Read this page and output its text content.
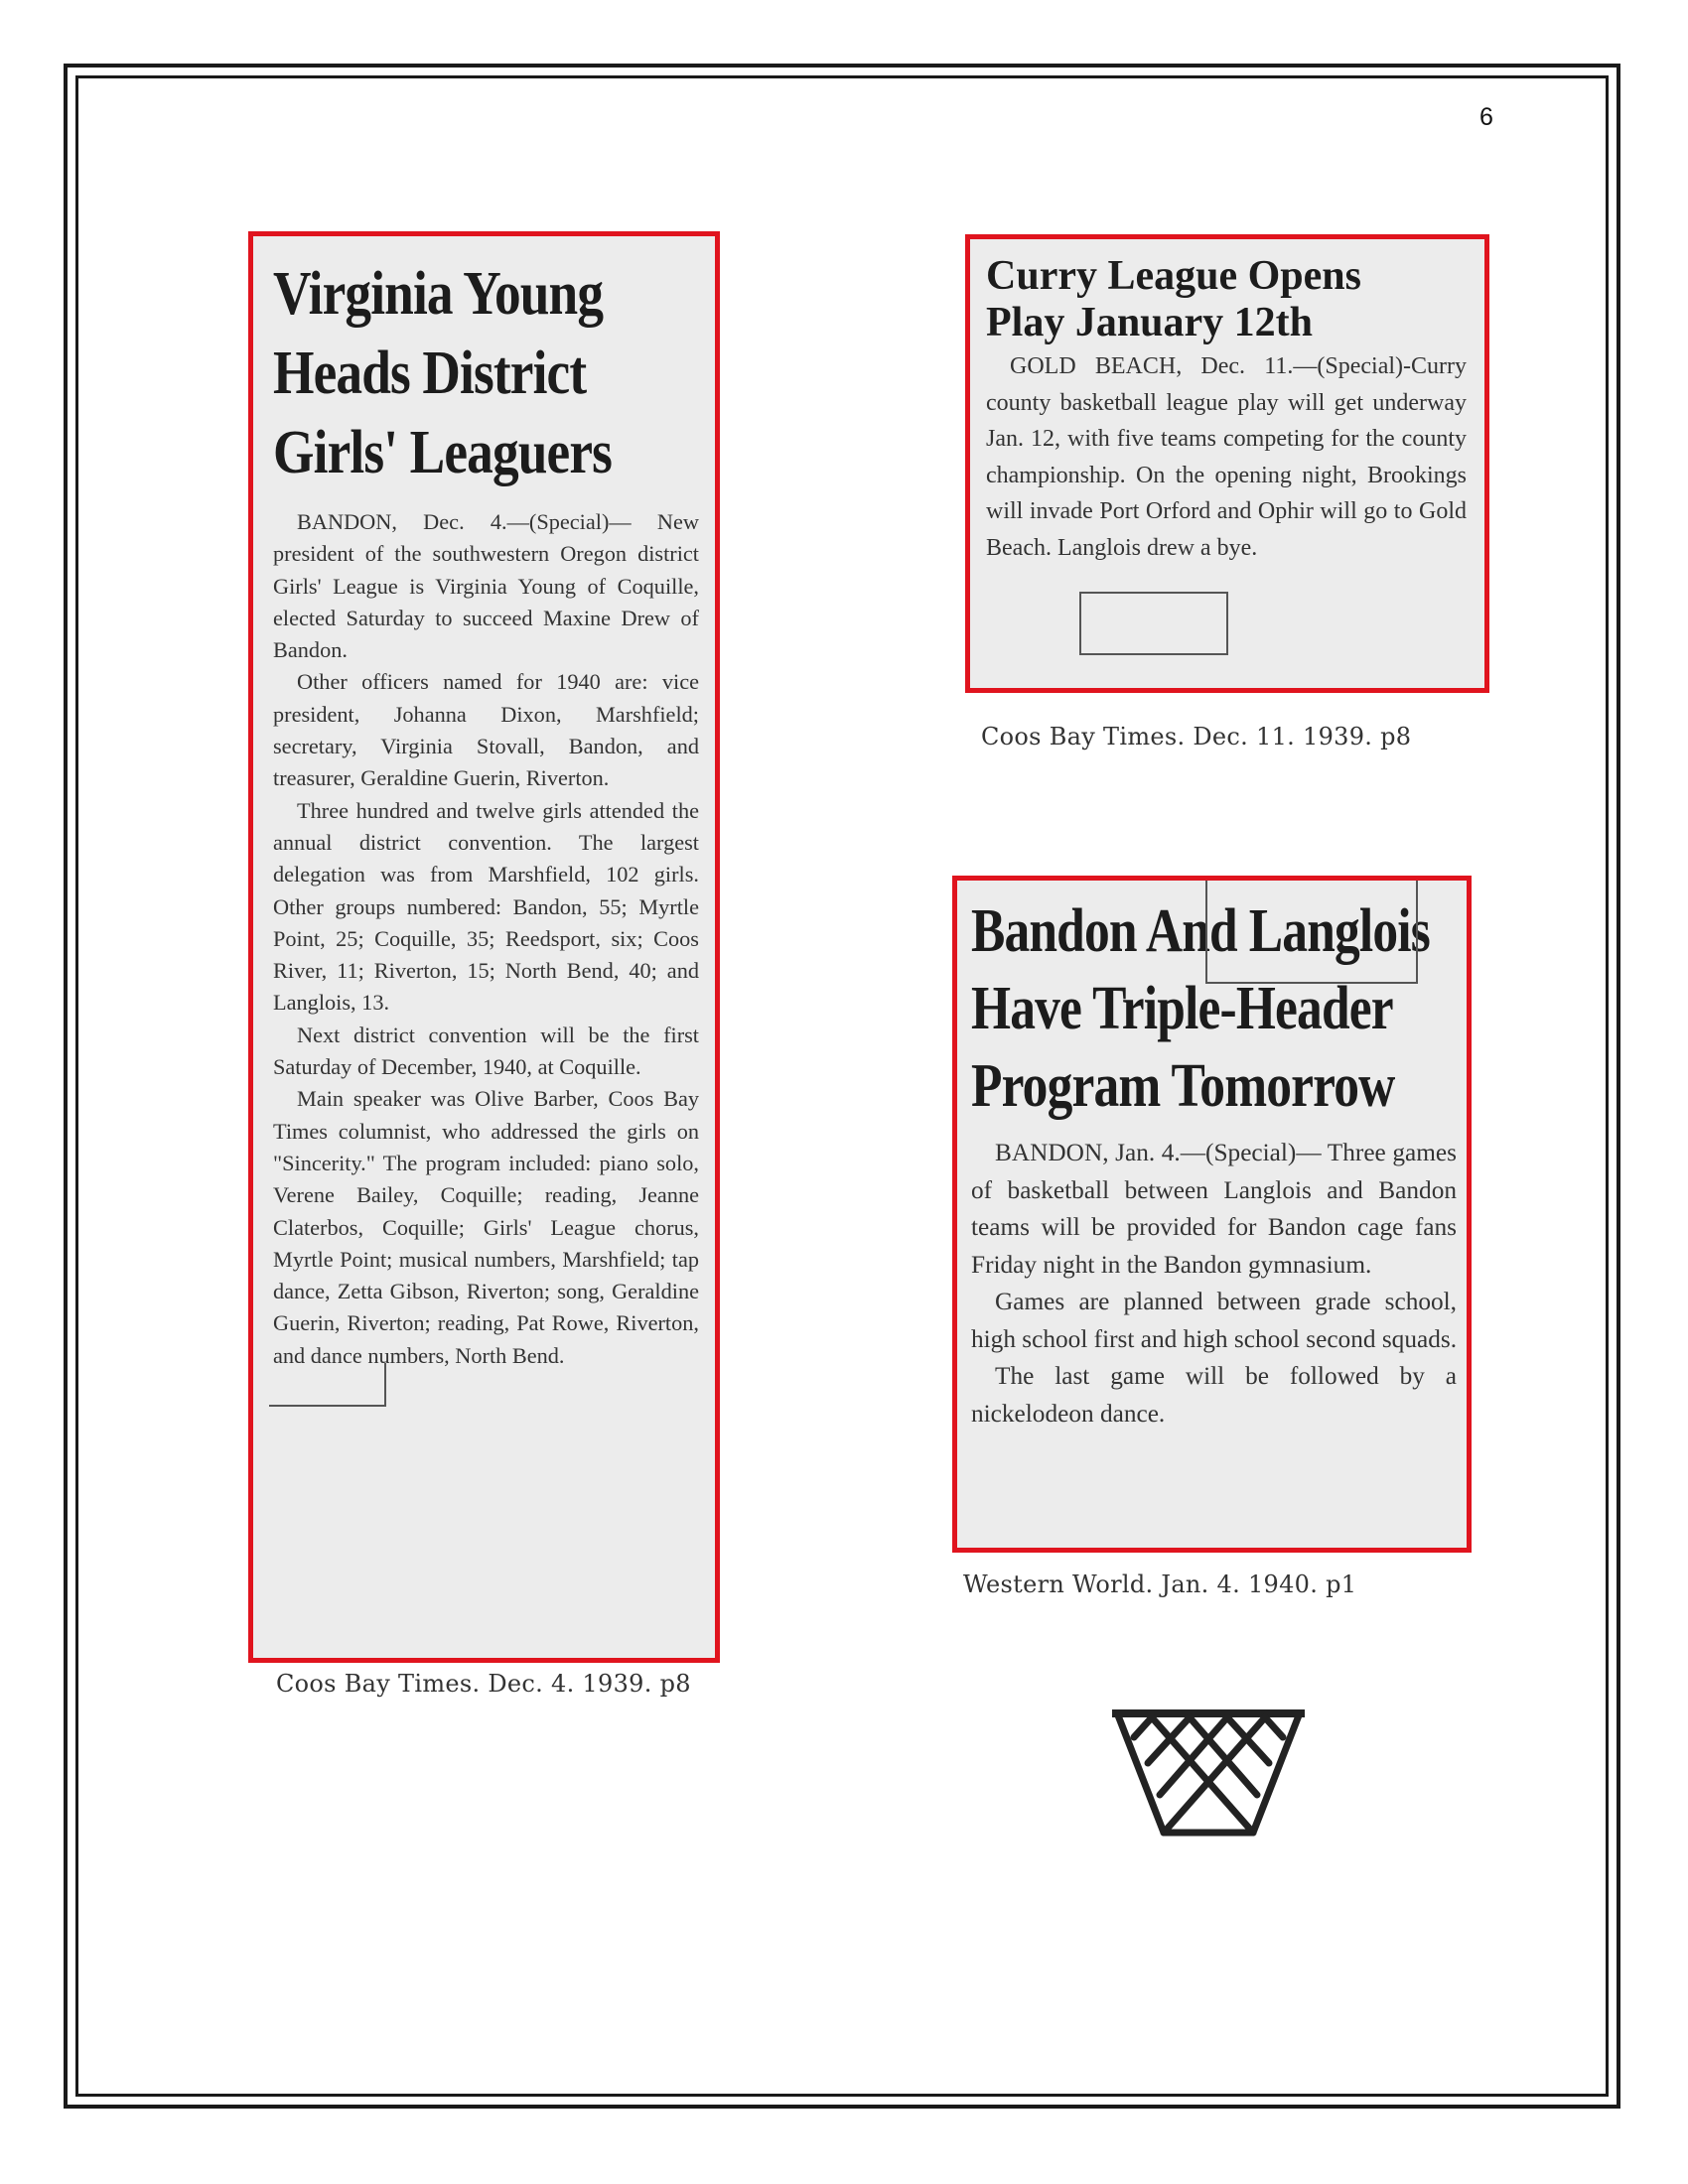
6
Virginia Young
Heads District
Girls' Leaguers

BANDON, Dec. 4.—(Special)— New president of the southwestern Oregon district Girls' League is Virginia Young of Coquille, elected Saturday to succeed Maxine Drew of Bandon.

Other officers named for 1940 are: vice president, Johanna Dixon, Marshfield; secretary, Virginia Stovall, Bandon, and treasurer, Geraldine Guerin, Riverton.

Three hundred and twelve girls attended the annual district convention. The largest delegation was from Marshfield, 102 girls. Other groups numbered: Bandon, 55; Myrtle Point, 25; Coquille, 35; Reedsport, six; Coos River, 11; Riverton, 15; North Bend, 40; and Langlois, 13.

Next district convention will be the first Saturday of December, 1940, at Coquille.

Main speaker was Olive Barber, Coos Bay Times columnist, who addressed the girls on "Sincerity." The program included: piano solo, Verene Bailey, Coquille; reading, Jeanne Claterbos, Coquille; Girls' League chorus, Myrtle Point; musical numbers, Marshfield; tap dance, Zetta Gibson, Riverton; song, Geraldine Guerin, Riverton; reading, Pat Rowe, Riverton, and dance numbers, North Bend.

Coos Bay Times. Dec. 4. 1939. p8
Curry League Opens
Play January 12th

GOLD BEACH, Dec. 11.—(Special)-Curry county basketball league play will get underway Jan. 12, with five teams competing for the county championship. On the opening night, Brookings will invade Port Orford and Ophir will go to Gold Beach. Langlois drew a bye.

Coos Bay Times. Dec. 11. 1939. p8
Bandon And Langlois
Have Triple-Header
Program Tomorrow

BANDON, Jan. 4.—(Special)— Three games of basketball between Langlois and Bandon teams will be provided for Bandon cage fans Friday night in the Bandon gymnasium.

Games are planned between grade school, high school first and high school second squads.

The last game will be followed by a nickelodeon dance.

Western World. Jan. 4. 1940. p1
